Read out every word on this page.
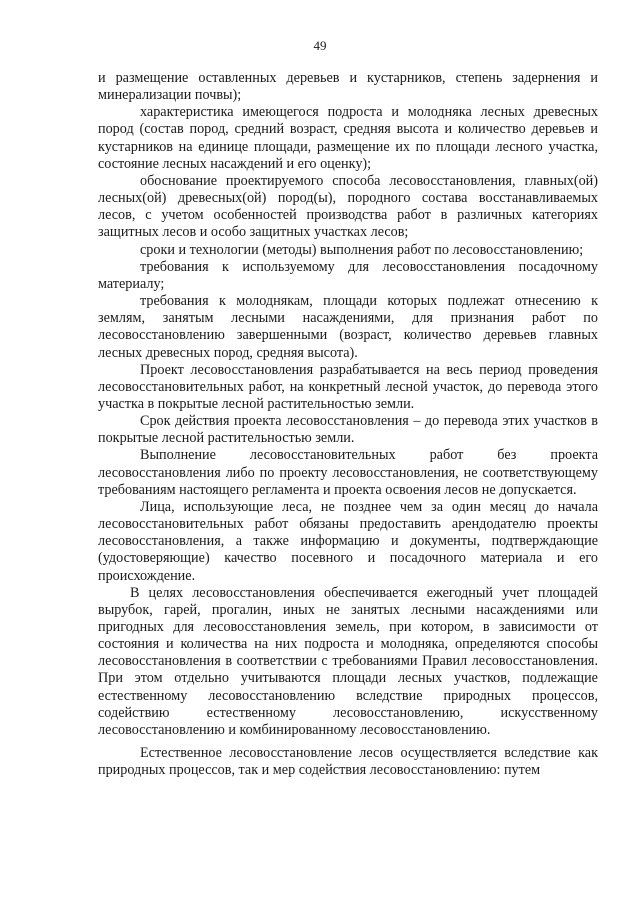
49

и размещение оставленных деревьев и кустарников, степень задернения и минерализации почвы);

характеристика имеющегося подроста и молодняка лесных древесных пород (состав пород, средний возраст, средняя высота и количество деревьев и кустарников на единице площади, размещение их по площади лесного участка, состояние лесных насаждений и его оценку);

обоснование проектируемого способа лесовосстановления, главных(ой) лесных(ой) древесных(ой) пород(ы), породного состава восстанавливаемых лесов, с учетом особенностей производства работ в различных категориях защитных лесов и особо защитных участках лесов;

сроки и технологии (методы) выполнения работ по лесовосстановлению;

требования к используемому для лесовосстановления посадочному материалу;

требования к молоднякам, площади которых подлежат отнесению к землям, занятым лесными насаждениями, для признания работ по лесовосстановлению завершенными (возраст, количество деревьев главных лесных древесных пород, средняя высота).

Проект лесовосстановления разрабатывается на весь период проведения лесовосстановительных работ, на конкретный лесной участок, до перевода этого участка в покрытые лесной растительностью земли.

Срок действия проекта лесовосстановления – до перевода этих участков в покрытые лесной растительностью земли.

Выполнение лесовосстановительных работ без проекта лесовосстановления либо по проекту лесовосстановления, не соответствующему требованиям настоящего регламента и проекта освоения лесов не допускается.

Лица, использующие леса, не позднее чем за один месяц до начала лесовосстановительных работ обязаны предоставить арендодателю проекты лесовосстановления, а также информацию и документы, подтверждающие (удостоверяющие) качество посевного и посадочного материала и его происхождение.

В целях лесовосстановления обеспечивается ежегодный учет площадей вырубок, гарей, прогалин, иных не занятых лесными насаждениями или пригодных для лесовосстановления земель, при котором, в зависимости от состояния и количества на них подроста и молодняка, определяются способы лесовосстановления в соответствии с требованиями Правил лесовосстановления. При этом отдельно учитываются площади лесных участков, подлежащие естественному лесовосстановлению вследствие природных процессов, содействию естественному лесовосстановлению, искусственному лесовосстановлению и комбинированному лесовосстановлению.

Естественное лесовосстановление лесов осуществляется вследствие как природных процессов, так и мер содействия лесовосстановлению: путем
